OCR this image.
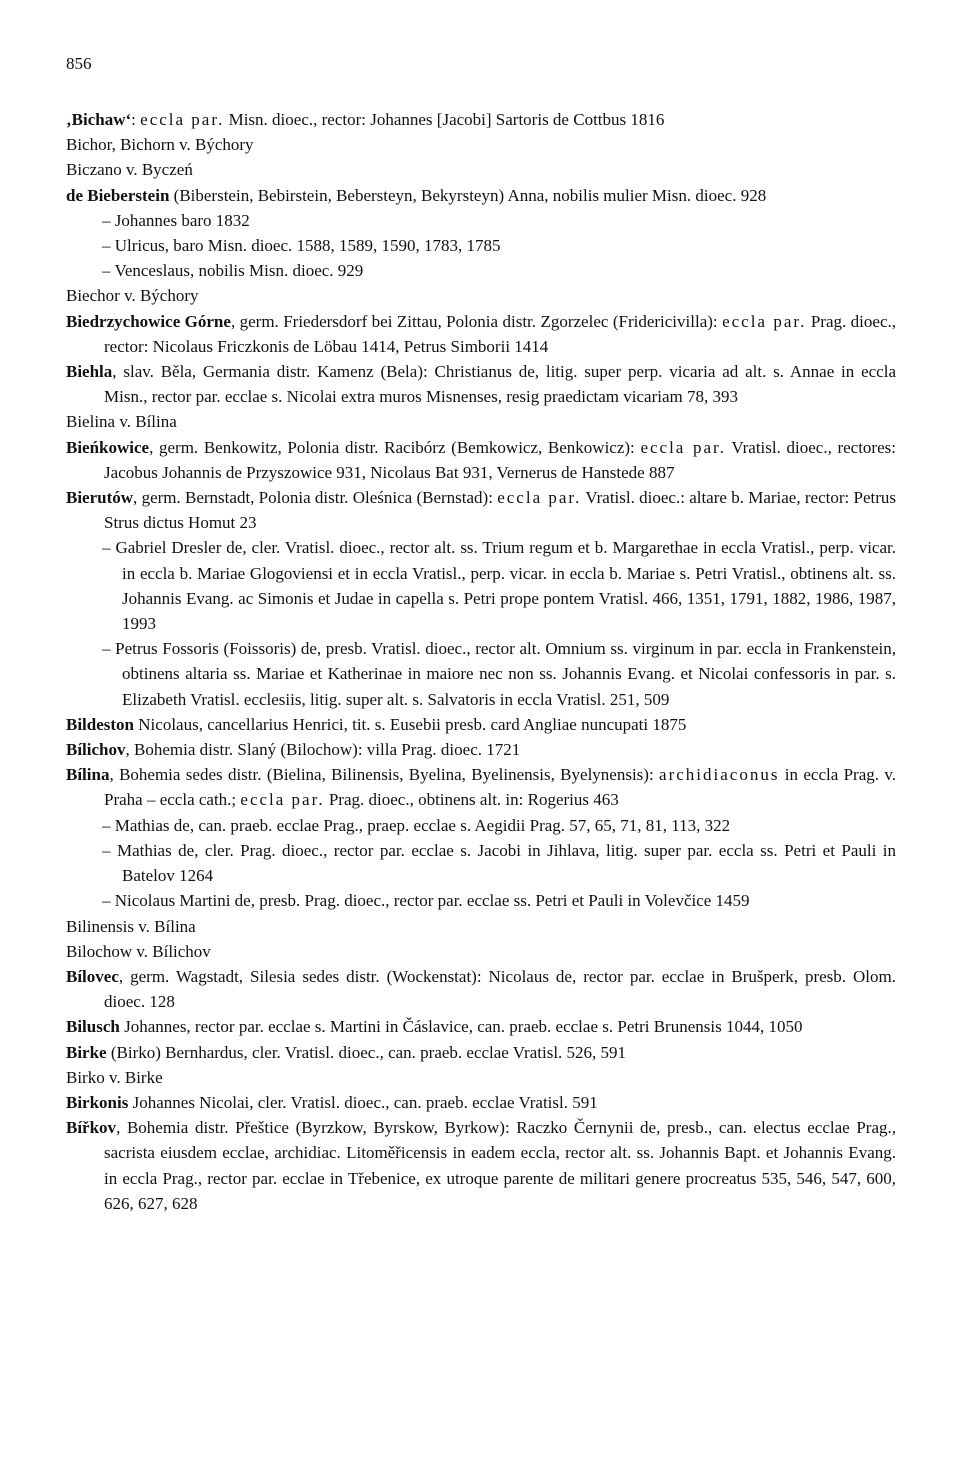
856
‚Bichaw‘: eccla par. Misn. dioec., rector: Johannes [Jacobi] Sartoris de Cottbus 1816
Bichor, Bichorn v. Býchory
Biczano v. Byczeń
de Bieberstein (Biberstein, Bebirstein, Bebersteyn, Bekyrsteyn) Anna, nobilis mulier Misn. dioec. 928
– Johannes baro 1832
– Ulricus, baro Misn. dioec. 1588, 1589, 1590, 1783, 1785
– Venceslaus, nobilis Misn. dioec. 929
Biechor v. Býchory
Biedrzychowice Górne, germ. Friedersdorf bei Zittau, Polonia distr. Zgorzelec (Fridericivilla): eccla par. Prag. dioec., rector: Nicolaus Friczkonis de Löbau 1414, Petrus Simborii 1414
Biehla, slav. Běla, Germania distr. Kamenz (Bela): Christianus de, litig. super perp. vicaria ad alt. s. Annae in eccla Misn., rector par. ecclae s. Nicolai extra muros Misnenses, resig praedictam vicariam 78, 393
Bielina v. Bílina
Bieńkowice, germ. Benkowitz, Polonia distr. Racibórz (Bemkowicz, Benkowicz): eccla par. Vratisl. dioec., rectores: Jacobus Johannis de Przyszowice 931, Nicolaus Bat 931, Vernerus de Hanstede 887
Bierutów, germ. Bernstadt, Polonia distr. Oleśnica (Bernstad): eccla par. Vratisl. dioec.: altare b. Mariae, rector: Petrus Strus dictus Homut 23
– Gabriel Dresler de, cler. Vratisl. dioec., rector alt. ss. Trium regum et b. Margarethae in eccla Vratisl., perp. vicar. in eccla b. Mariae Glogoviensi et in eccla Vratisl., perp. vicar. in eccla b. Mariae s. Petri Vratisl., obtinens alt. ss. Johannis Evang. ac Simonis et Judae in capella s. Petri prope pontem Vratisl. 466, 1351, 1791, 1882, 1986, 1987, 1993
– Petrus Fossoris (Foissoris) de, presb. Vratisl. dioec., rector alt. Omnium ss. virginum in par. eccla in Frankenstein, obtinens altaria ss. Mariae et Katherinae in maiore nec non ss. Johannis Evang. et Nicolai confessoris in par. s. Elizabeth Vratisl. ecclesiis, litig. super alt. s. Salvatoris in eccla Vratisl. 251, 509
Bildeston Nicolaus, cancellarius Henrici, tit. s. Eusebii presb. card Angliae nuncupati 1875
Bílichov, Bohemia distr. Slaný (Bilochow): villa Prag. dioec. 1721
Bílina, Bohemia sedes distr. (Bielina, Bilinensis, Byelina, Byelinensis, Byelynensis): archidiaconus in eccla Prag. v. Praha – eccla cath.; eccla par. Prag. dioec., obtinens alt. in: Rogerius 463
– Mathias de, can. praeb. ecclae Prag., praep. ecclae s. Aegidii Prag. 57, 65, 71, 81, 113, 322
– Mathias de, cler. Prag. dioec., rector par. ecclae s. Jacobi in Jihlava, litig. super par. eccla ss. Petri et Pauli in Batelov 1264
– Nicolaus Martini de, presb. Prag. dioec., rector par. ecclae ss. Petri et Pauli in Volevčice 1459
Bilinensis v. Bílina
Bilochow v. Bílichov
Bílovec, germ. Wagstadt, Silesia sedes distr. (Wockenstat): Nicolaus de, rector par. ecclae in Brušperk, presb. Olom. dioec. 128
Bilusch Johannes, rector par. ecclae s. Martini in Čáslavice, can. praeb. ecclae s. Petri Brunensis 1044, 1050
Birke (Birko) Bernhardus, cler. Vratisl. dioec., can. praeb. ecclae Vratisl. 526, 591
Birko v. Birke
Birkonis Johannes Nicolai, cler. Vratisl. dioec., can. praeb. ecclae Vratisl. 591
Bířkov, Bohemia distr. Přeštice (Byrzkow, Byrskow, Byrkow): Raczko Černynii de, presb., can. electus ecclae Prag., sacrista eiusdem ecclae, archidiac. Litoměřicensis in eadem eccla, rector alt. ss. Johannis Bapt. et Johannis Evang. in eccla Prag., rector par. ecclae in Třebenice, ex utroque parente de militari genere procreatus 535, 546, 547, 600, 626, 627, 628
